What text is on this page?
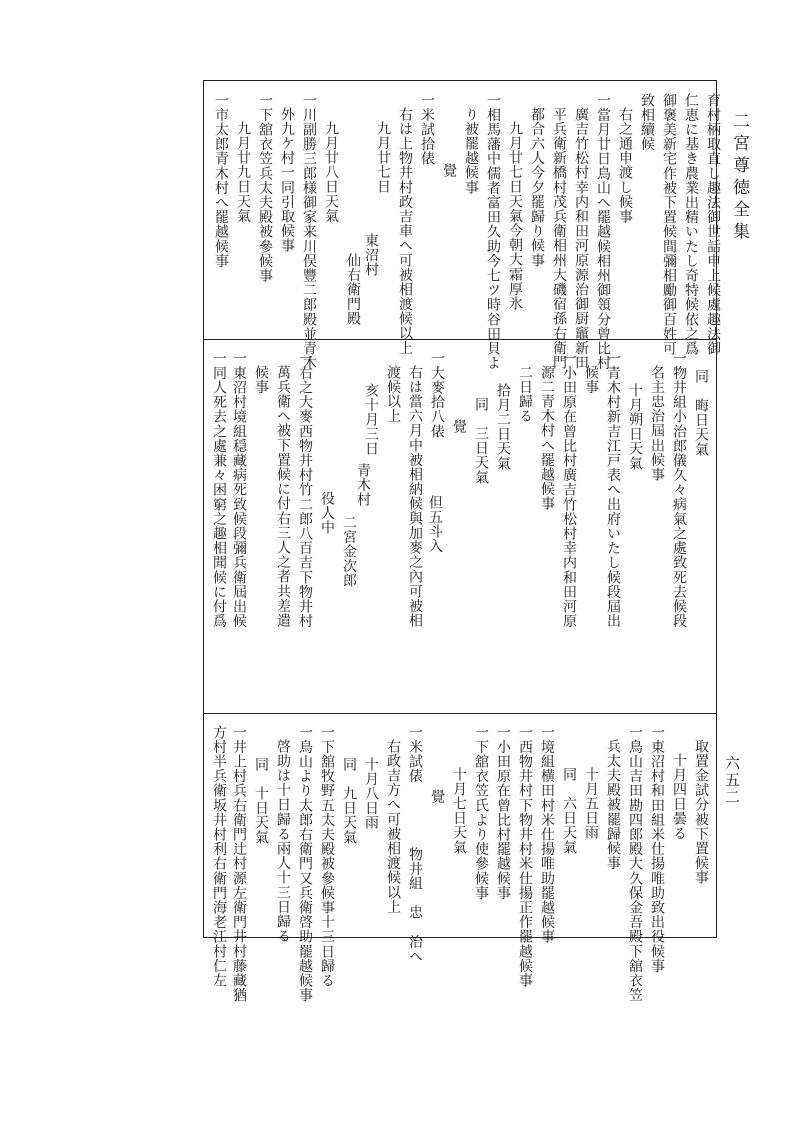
二宮尊徳全集
六五二
育村柄取直し趣法御世話申上候處趣法御
仁恵に基き農業出精いたし奇特候依之爲
御褒美新宅作被下置候間彌相勵御百姓可
致相續候
右之通申渡し候事
一當月廿日鳥山へ罷越候相州御領分曾比村
廣吉竹松村幸内和田河原源治御厨竈新田
平兵衛新橋村茂兵衛相州大磯宿孫右衛門
都合六人今夕罷歸り候事
九月廿七日天氣今朝大霜厚氷
一相馬藩中儒者富田久助今七ツ時谷田貝よ
り被罷越候事
覺
一米試拾俵
右は上物井村政吉車へ可被相渡候以上
九月廿七日
東沼村
仙右衛門殿
九月廿八日天氣
一川副勝三郎様御家来川俣豐二郎殿並青木
外九ケ村一同引取候事
一下舘衣笠兵太夫殿被參候事
九月廿九日天氣
一市太郎青木村へ罷越候事
同　晦日天氣
一物井組小治郎儀久々病氣之處致死去候段
名主忠治屆出候事
十月朔日天氣
一青木村新吉江戸表へ出府いたし候段屆出
候事
一小田原在曾比村廣吉竹松村幸内和田河原
源二青木村へ罷越候事
二日歸る
拾月二日天氣
同　三日天氣
覺
一大麥拾八俵
但五斗入
右は當六月中被相納候與加麥之內可被相
渡候以上
亥十月三日
二宮金次郎
青木村
役人中
一右之大麥西物井村竹二郎八百吉下物井村
萬兵衛へ被下置候に付右三人之者共差遣
候事
一東沼村境組穏藏病死致候段彌兵衛屆出候
一同人死去之處兼々困窮之趣相聞候に付爲
取置金試分被下置候事
十月四日曇る
一東沼村和田組米仕揚唯助致出役候事
一鳥山吉田勘四郎殿大久保金吾殿下舘衣笠
兵太夫殿被罷歸候事
十月五日雨
同　六日天氣
一境組横田村米仕揚唯助罷越候事
一西物井村下物井村米仕揚正作罷越候事
一小田原在曾比村罷越候事
一下舘衣笠氏より使參候事
十月七日天氣
覺
一米試俵
物井組　忠　治へ
右政吉方へ可被相渡候以上
十月八日雨
同　九日天氣
一下舘牧野五太夫殿被參候事十三日歸る
一鳥山より太郎右衛門又兵衛啓助罷越候事
啓助は十日歸る兩人十三日歸る
同　十日天氣
一井上村兵右衛門辻村源左衛門井村藤藏猶
方村半兵衛坂井村利右衛門海老江村仁左
